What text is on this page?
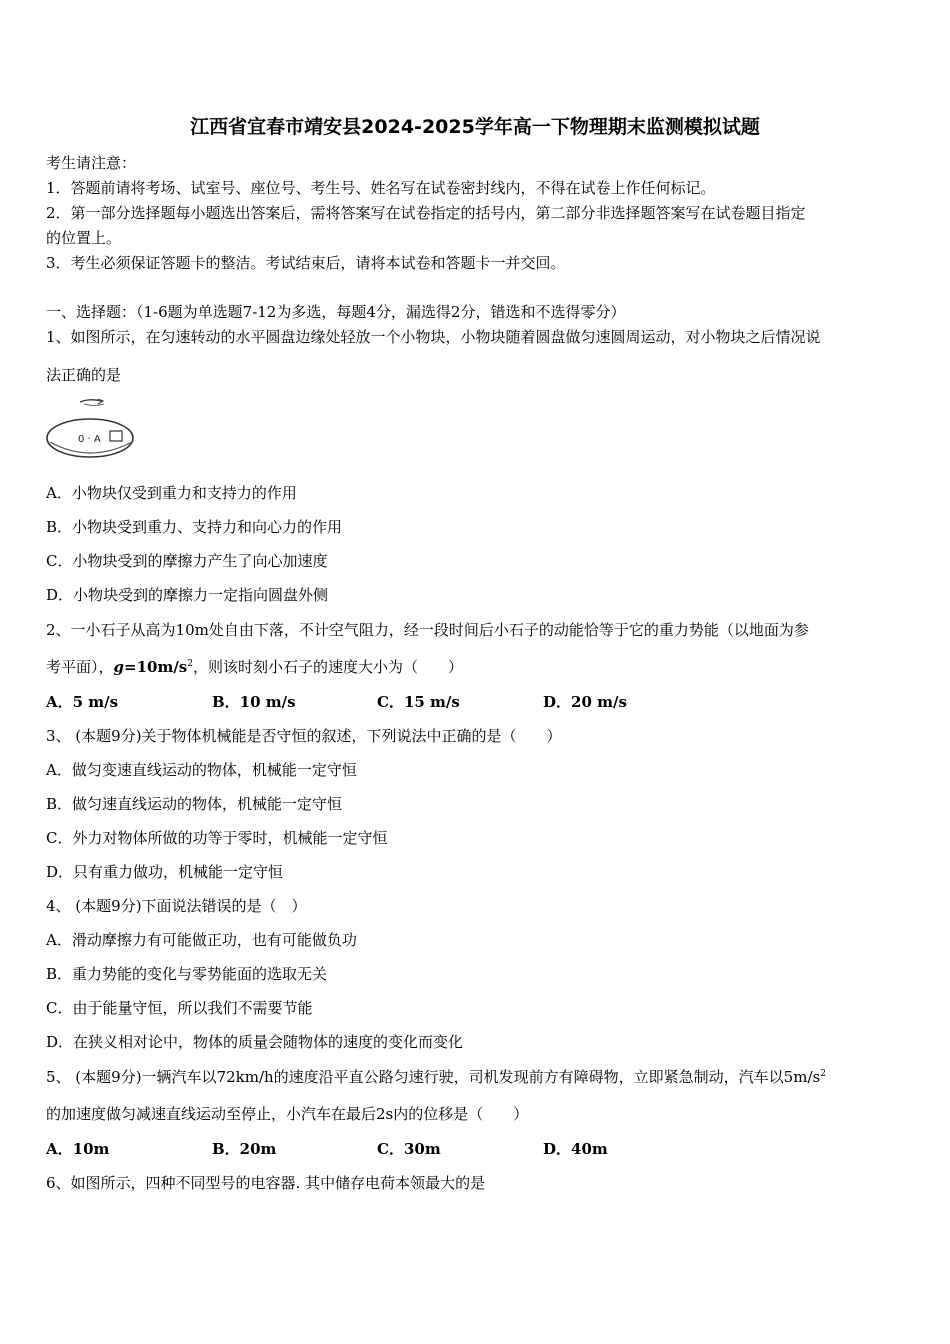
江西省宜春市靖安县2024-2025学年高一下物理期末监测模拟试题
考生请注意：
1．答题前请将考场、试室号、座位号、考生号、姓名写在试卷密封线内，不得在试卷上作任何标记。
2．第一部分选择题每小题选出答案后，需将答案写在试卷指定的括号内，第二部分非选择题答案写在试卷题目指定
的位置上。
3．考生必须保证答题卡的整洁。考试结束后，请将本试卷和答题卡一并交回。
一、选择题：（1-6题为单选题7-12为多选，每题4分，漏选得2分，错选和不选得零分）
1、如图所示，在匀速转动的水平圆盘边缘处轻放一个小物块，小物块随着圆盘做匀速圆周运动，对小物块之后情况说
法正确的是
0 · A
A．小物块仅受到重力和支持力的作用
B．小物块受到重力、支持力和向心力的作用
C．小物块受到的摩擦力产生了向心加速度
D．小物块受到的摩擦力一定指向圆盘外侧
2、一小石子从高为10m处自由下落，不计空气阻力，经一段时间后小石子的动能恰等于它的重力势能（以地面为参
考平面），$g=10m/s^2$，则该时刻小石子的速度大小为（　　）
A．5 m/s	B．10 m/s	C．15 m/s	D．20 m/s
3、 (本题9分)关于物体机械能是否守恒的叙述，下列说法中正确的是（　　）
A．做匀变速直线运动的物体，机械能一定守恒
B．做匀速直线运动的物体，机械能一定守恒
C．外力对物体所做的功等于零时，机械能一定守恒
D．只有重力做功，机械能一定守恒
4、 (本题9分)下面说法错误的是（　）
A．滑动摩擦力有可能做正功，也有可能做负功
B．重力势能的变化与零势能面的选取无关
C．由于能量守恒，所以我们不需要节能
D．在狭义相对论中，物体的质量会随物体的速度的变化而变化
5、 (本题9分)一辆汽车以72km/h的速度沿平直公路匀速行驶，司机发现前方有障碍物，立即紧急制动，汽车以$5m/s^2$
的加速度做匀减速直线运动至停止，小汽车在最后2s内的位移是（　　）
A．10m	B．20m	C．30m	D．40m
6、如图所示，四种不同型号的电容器. 其中储存电荷本领最大的是
